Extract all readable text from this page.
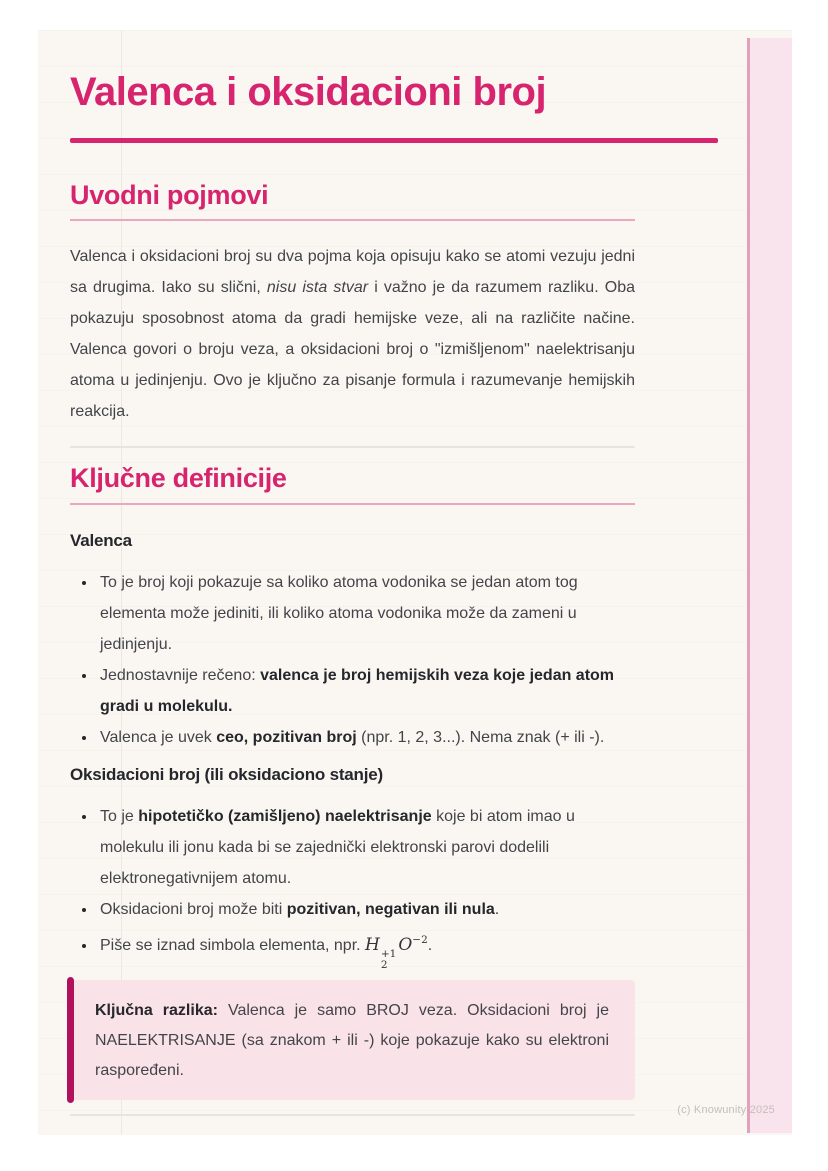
Valenca i oksidacioni broj
Uvodni pojmovi

Valenca i oksidacioni broj su dva pojma koja opisuju kako se atomi vezuju jedni sa drugima. Iako su slični, nisu ista stvar i važno je da razumem razliku. Oba pokazuju sposobnost atoma da gradi hemijske veze, ali na različite načine. Valenca govori o broju veza, a oksidacioni broj o "izmišljenom" naelektrisanju atoma u jedinjenju. Ovo je ključno za pisanje formula i razumevanje hemijskih reakcija.

Ključne definicije
Valenca
• To je broj koji pokazuje sa koliko atoma vodonika se jedan atom tog elementa može jediniti, ili koliko atoma vodonika može da zameni u jedinjenju.
• Jednostavnije rečeno: valenca je broj hemijskih veza koje jedan atom gradi u molekulu.
• Valenca je uvek ceo, pozitivan broj (npr. 1, 2, 3...). Nema znak (+ ili -).
Oksidacioni broj (ili oksidaciono stanje)
• To je hipotetičko (zamišljeno) naelektrisanje koje bi atom imao u molekulu ili jonu kada bi se zajednički elektronski parovi dodelili elektronegativnijem atomu.
• Oksidacioni broj može biti pozitivan, negativan ili nula.
• Piše se iznad simbola elementa, npr. H +1
2
$O^{-2}$.

Ključna razlika: Valenca je samo BROJ veza. Oksidacioni broj je NAELEKTRISANJE (sa znakom + ili -) koje pokazuje kako su elektroni raspoređeni.

(c) Knowunity 2025
